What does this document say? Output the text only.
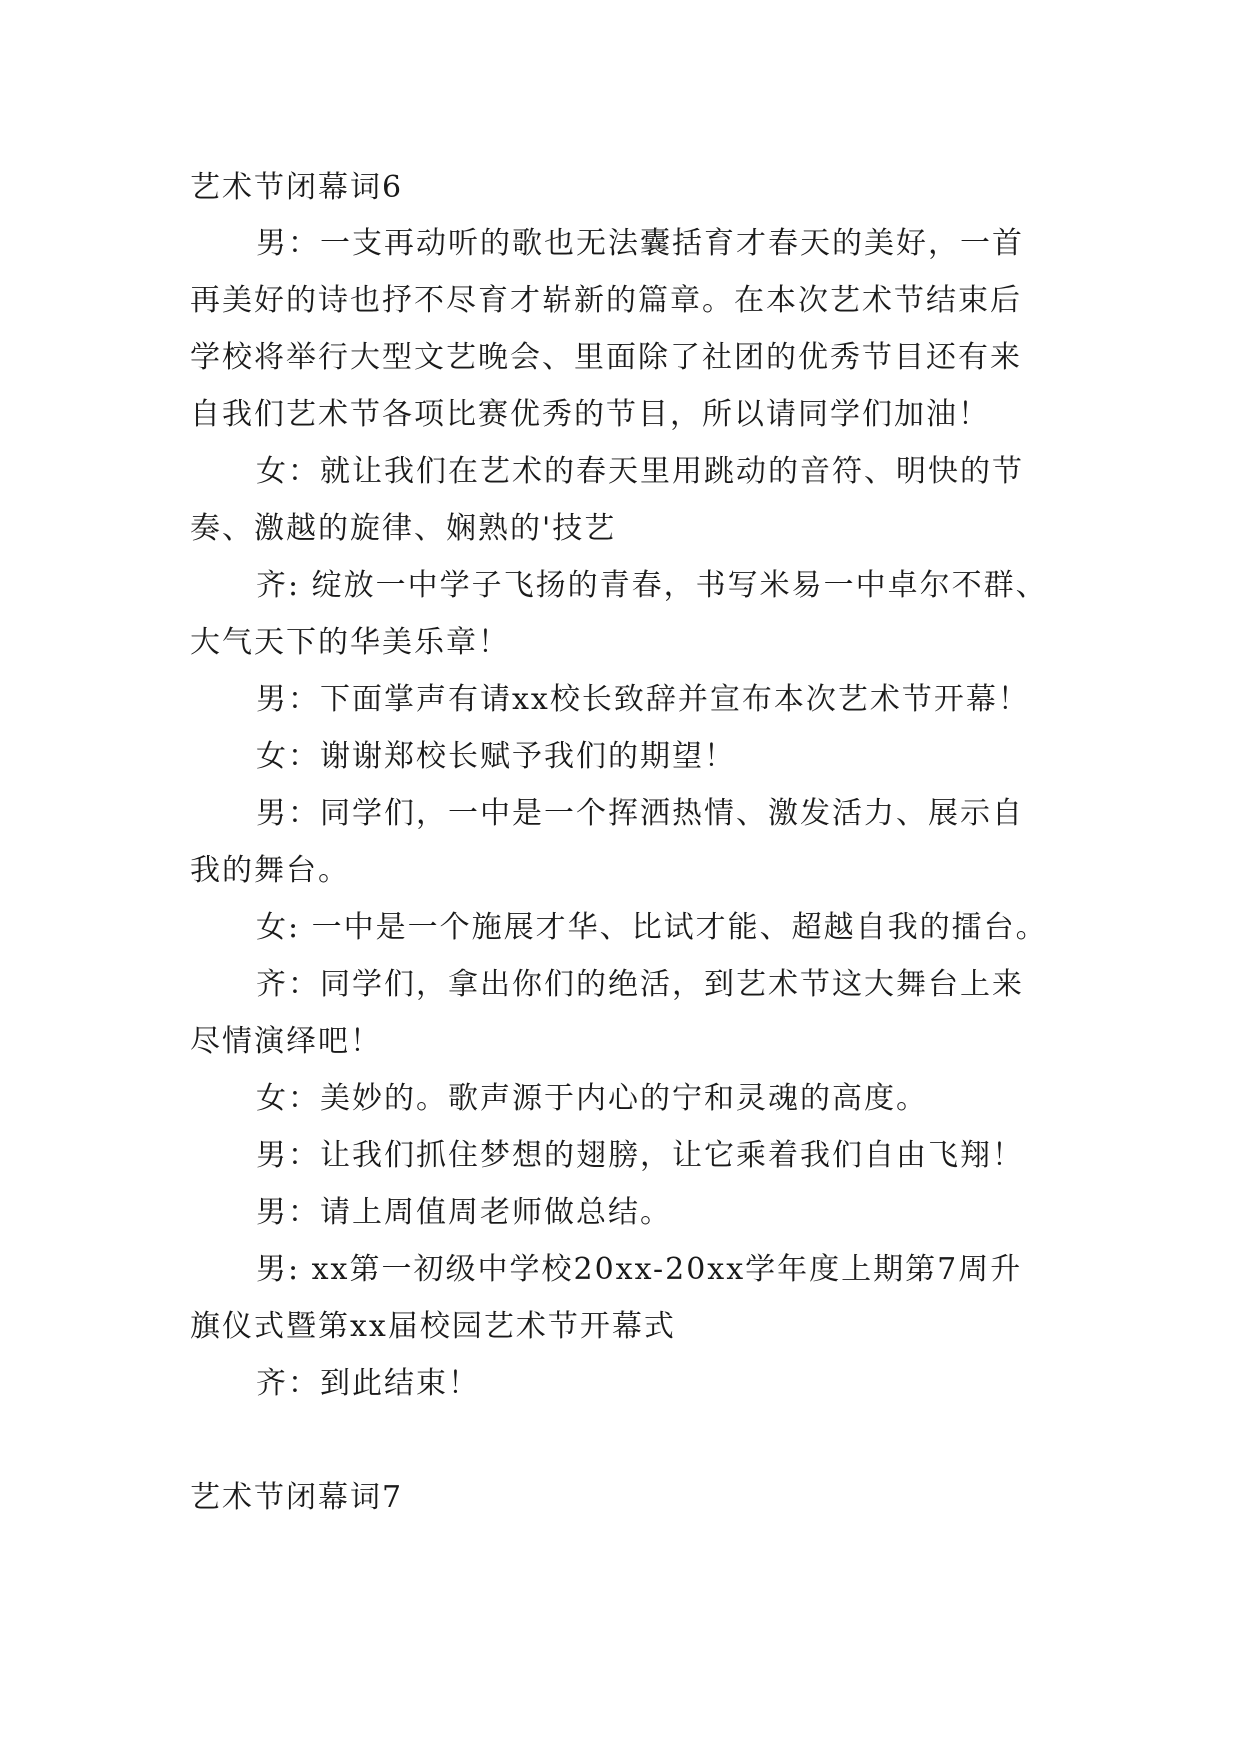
艺术节闭幕词6
男：一支再动听的歌也无法囊括育才春天的美好，一首
再美好的诗也抒不尽育才崭新的篇章。在本次艺术节结束后
学校将举行大型文艺晚会、里面除了社团的优秀节目还有来
自我们艺术节各项比赛优秀的节目，所以请同学们加油！
女：就让我们在艺术的春天里用跳动的音符、明快的节
奏、激越的旋律、娴熟的'技艺
齐: 绽放一中学子飞扬的青春，书写米易一中卓尔不群、
大气天下的华美乐章！
男：下面掌声有请xx校长致辞并宣布本次艺术节开幕！
女：谢谢郑校长赋予我们的期望！
男：同学们，一中是一个挥洒热情、激发活力、展示自
我的舞台。
女: 一中是一个施展才华、比试才能、超越自我的擂台。
齐：同学们，拿出你们的绝活，到艺术节这大舞台上来
尽情演绎吧！
女：美妙的。歌声源于内心的宁和灵魂的高度。
男：让我们抓住梦想的翅膀，让它乘着我们自由飞翔！
男：请上周值周老师做总结。
男: xx第一初级中学校20xx-20xx学年度上期第7周升
旗仪式暨第xx届校园艺术节开幕式
齐：到此结束！
艺术节闭幕词7
